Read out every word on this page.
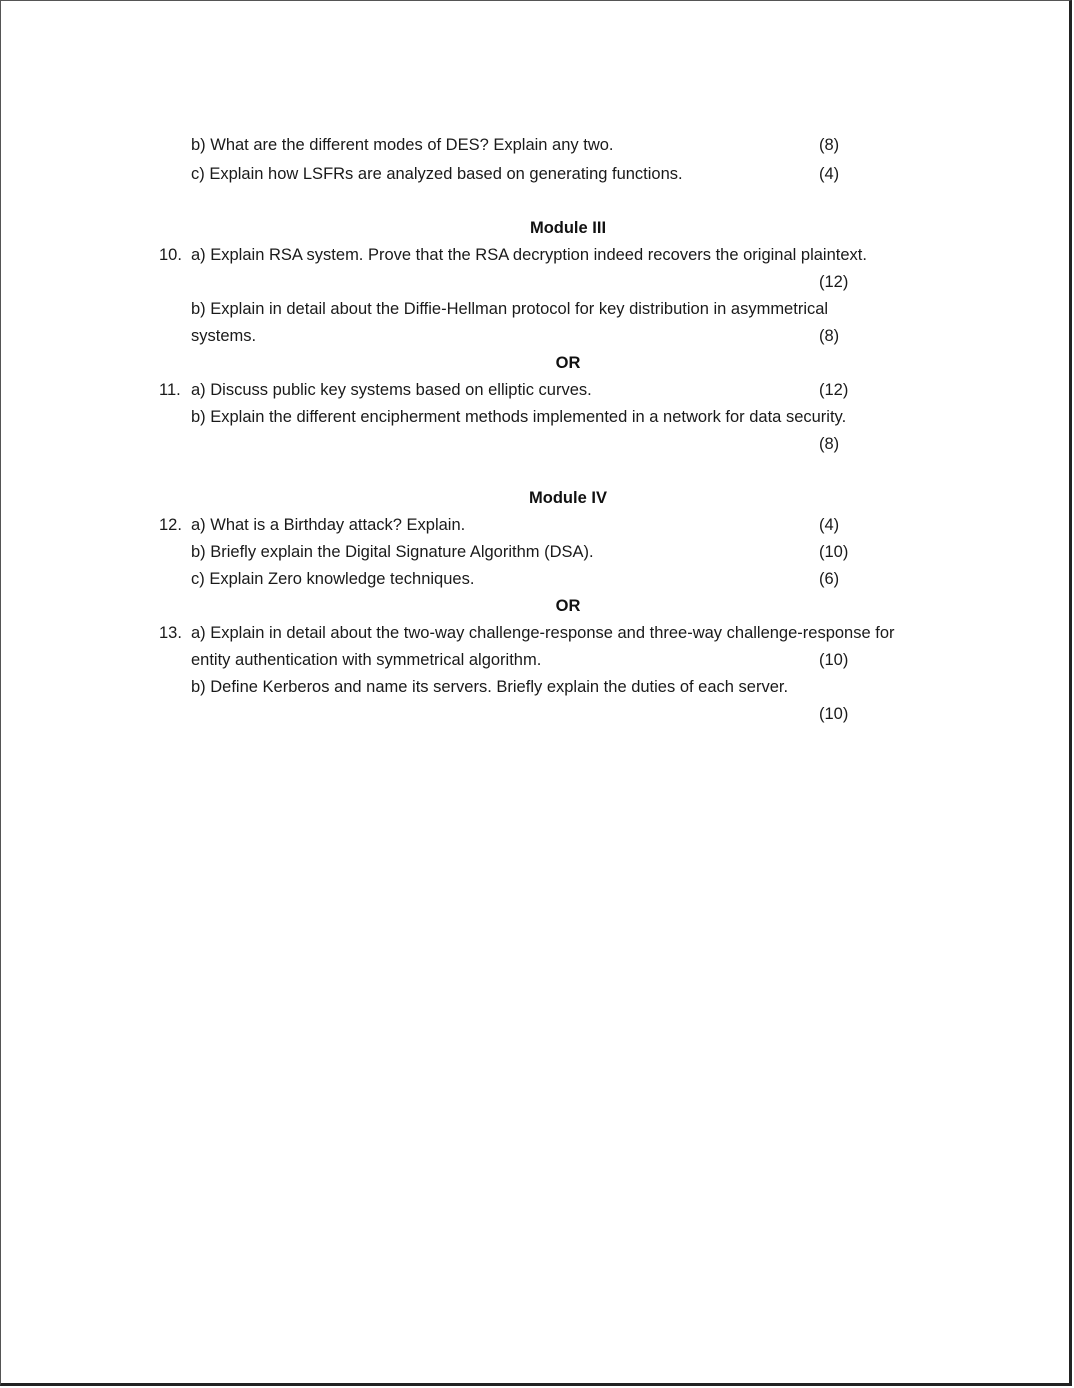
b) What are the different modes of DES? Explain any two.	(8)
c) Explain how LSFRs are analyzed based on generating functions.	(4)
Module III
10. a) Explain RSA system. Prove that the RSA decryption indeed recovers the original plaintext.
(12)
b) Explain in detail about the Diffie-Hellman protocol for key distribution in asymmetrical
systems.	(8)
OR
11. a) Discuss public key systems based on elliptic curves.	(12)
b) Explain the different encipherment methods implemented in a network for data security.
(8)
Module IV
12. a) What is a Birthday attack? Explain.	(4)
b) Briefly explain the Digital Signature Algorithm (DSA).	(10)
c) Explain Zero knowledge techniques.	(6)
OR
13. a) Explain in detail about the two-way challenge-response and three-way challenge-response for
entity authentication with symmetrical algorithm.	(10)
b) Define Kerberos and name its servers. Briefly explain the duties of each server.
(10)
